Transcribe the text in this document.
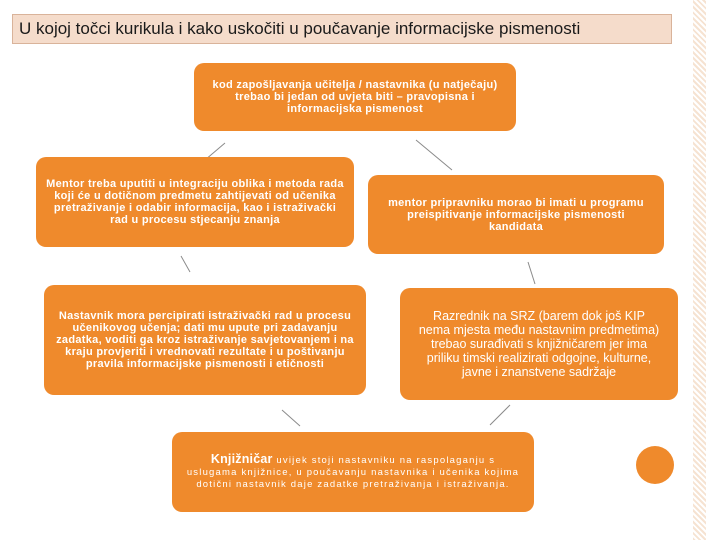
U kojoj točci kurikula i kako uskočiti u poučavanje informacijske pismenosti
kod zapošljavanja učitelja / nastavnika (u natječaju) trebao bi jedan od uvjeta biti – pravopisna i informacijska pismenost
Mentor treba uputiti u integraciju oblika i metoda rada koji će u dotičnom predmetu zahtijevati od učenika pretraživanje i odabir informacija, kao i istraživački rad u procesu stjecanju znanja
mentor pripravniku morao bi imati u programu preispitivanje informacijske pismenosti kandidata
Nastavnik mora percipirati istraživački rad u procesu učenikovog učenja; dati mu upute pri zadavanju zadatka, voditi ga kroz istraživanje savjetovanjem i na kraju provjeriti i vrednovati rezultate i u poštivanju pravila informacijske pismenosti i etičnosti
Razrednik na SRZ (barem dok još KIP nema mjesta među nastavnim predmetima) trebao surađivati s knjižničarem jer ima priliku timski realizirati odgojne, kulturne, javne i znanstvene sadržaje
Knjižničar uvijek stoji nastavniku na raspolaganju s uslugama knjižnice, u poučavanju nastavnika i učenika kojima dotični nastavnik daje zadatke pretraživanja i istraživanja.
